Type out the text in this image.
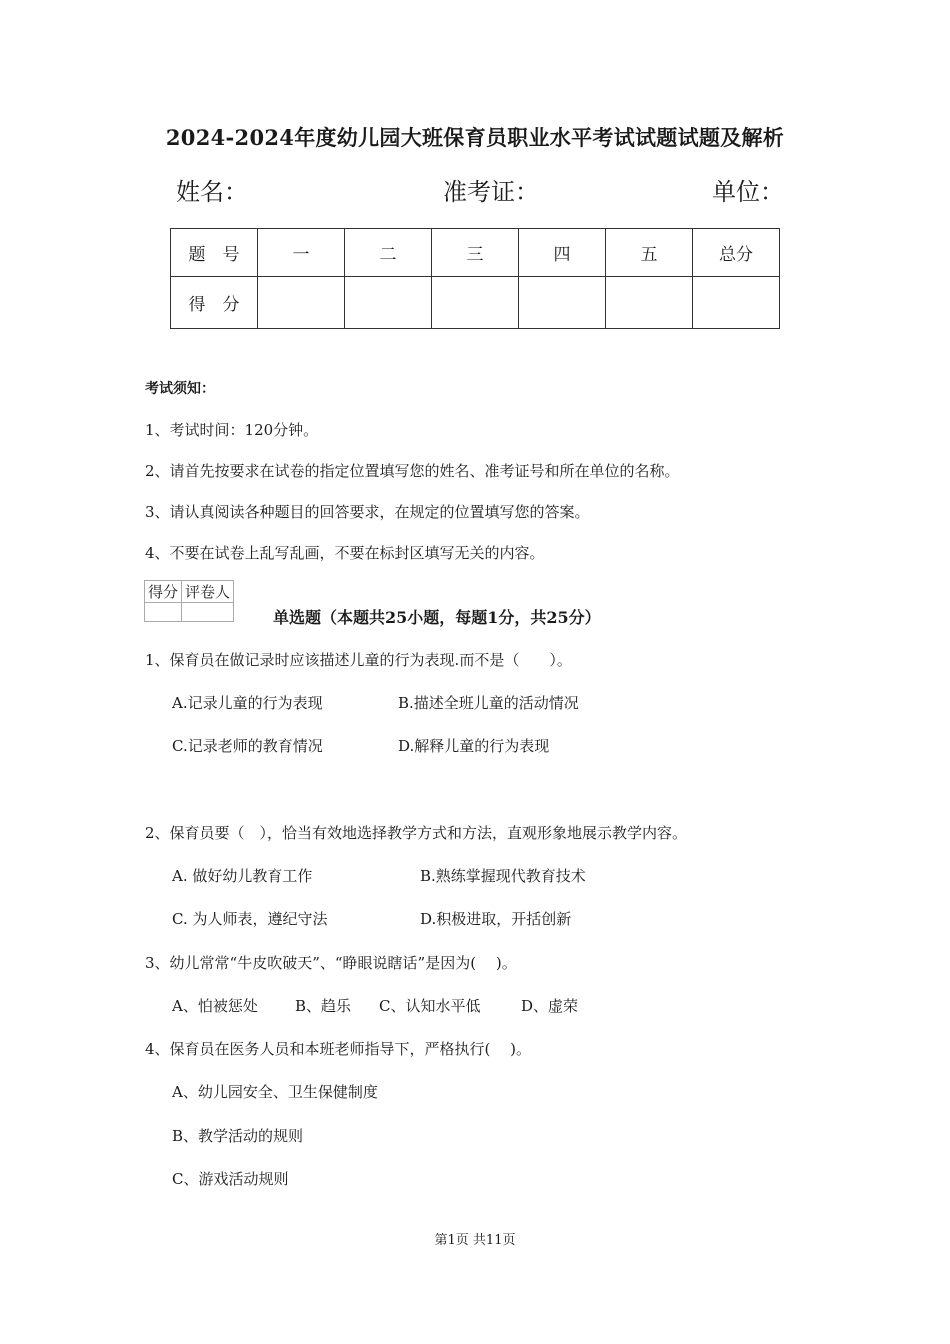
2024-2024年度幼儿园大班保育员职业水平考试试题试题及解析
姓名：	准考证：	单位：
题　号	一	二	三	四	五	总分
得　分						
考试须知：
1、考试时间：120分钟。
2、请首先按要求在试卷的指定位置填写您的姓名、准考证号和所在单位的名称。
3、请认真阅读各种题目的回答要求，在规定的位置填写您的答案。
4、不要在试卷上乱写乱画，不要在标封区填写无关的内容。
得分	评卷人

单选题（本题共25小题，每题1分，共25分）
1、保育员在做记录时应该描述儿童的行为表现.而不是（　　）。
A.记录儿童的行为表现	B.描述全班儿童的活动情况
C.记录老师的教育情况	D.解释儿童的行为表现
2、保育员要（　），恰当有效地选择教学方式和方法，直观形象地展示教学内容。
A. 做好幼儿教育工作	B.熟练掌握现代教育技术
C. 为人师表，遵纪守法	D.积极进取，开括创新
3、幼儿常常“牛皮吹破天”、“睁眼说瞎话”是因为(　 )。
A、怕被惩处 B、趋乐 C、认知水平低	D、虚荣
4、保育员在医务人员和本班老师指导下，严格执行(　 )。
A、幼儿园安全、卫生保健制度
B、教学活动的规则
C、游戏活动规则
第1页 共11页
